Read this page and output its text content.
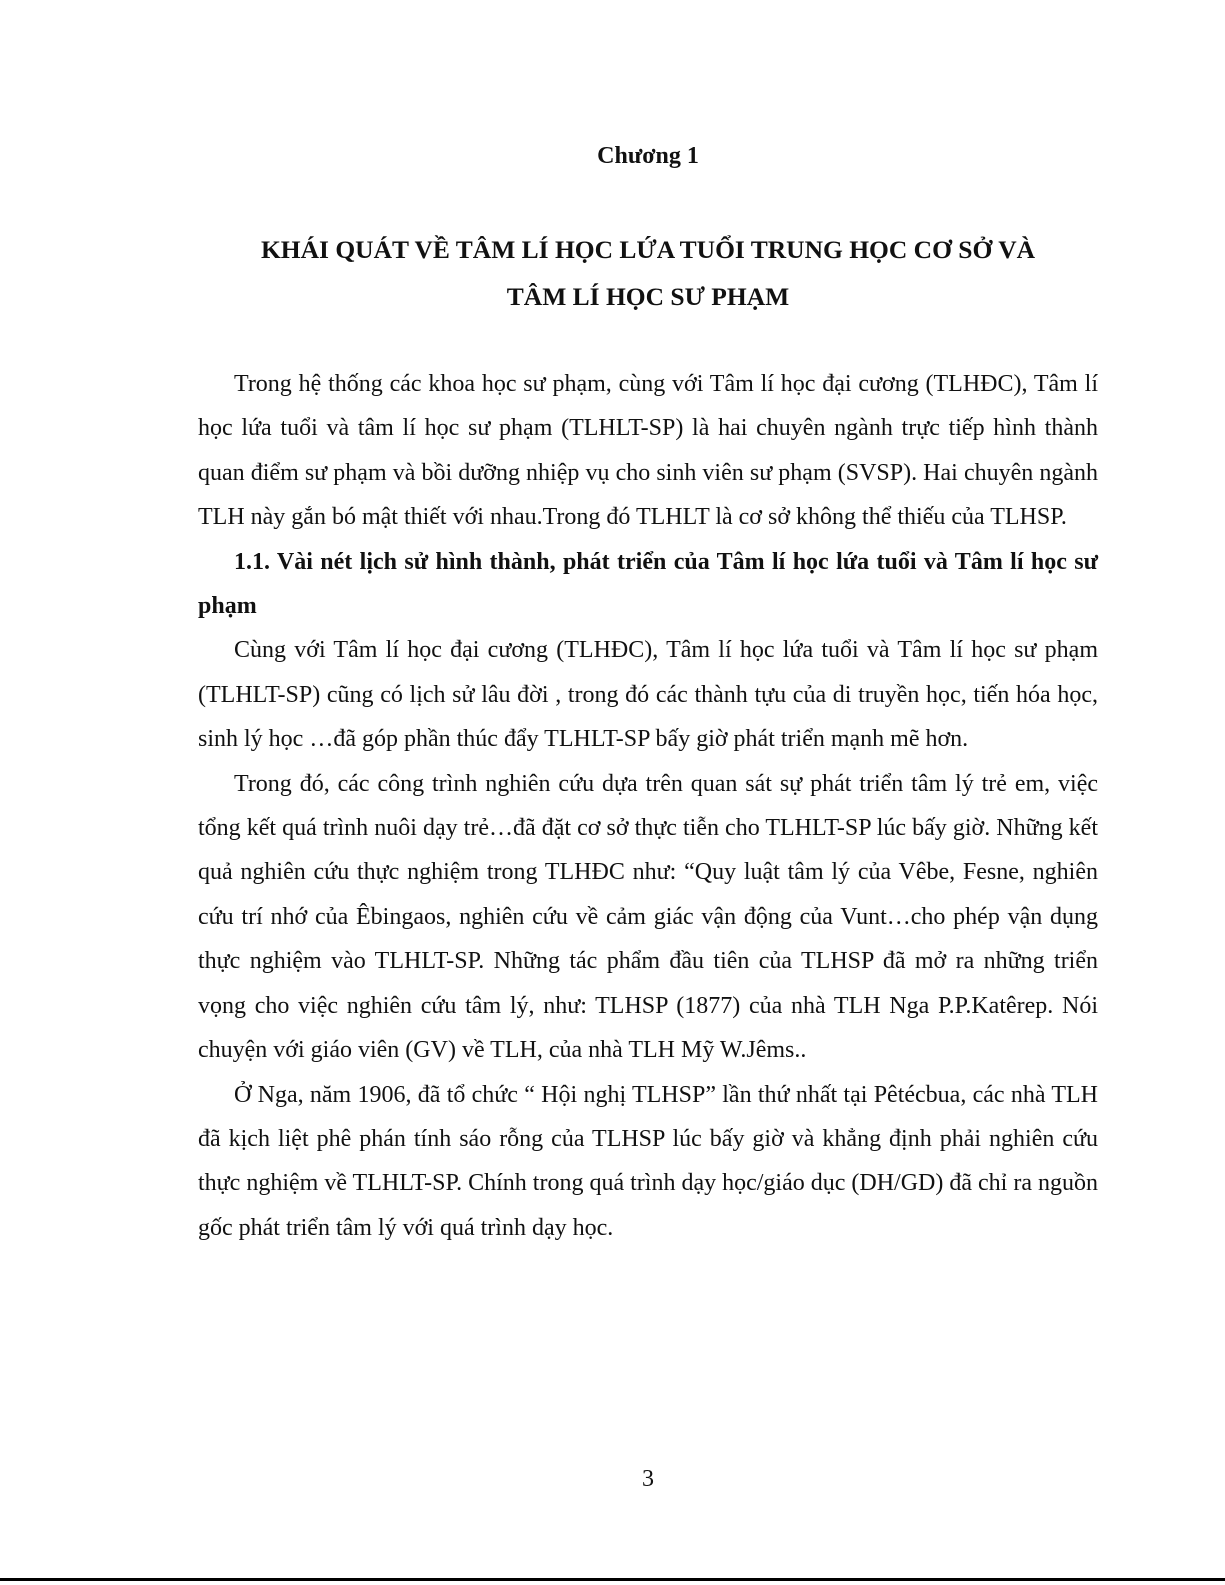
Chương 1
KHÁI QUÁT VỀ TÂM LÍ HỌC LỨA TUỔI TRUNG HỌC CƠ SỞ VÀ
TÂM LÍ HỌC SƯ PHẠM

Trong hệ thống các khoa học sư phạm, cùng với Tâm lí học đại cương (TLHĐC), Tâm lí học lứa tuổi và tâm lí học sư phạm (TLHLT-SP) là hai chuyên ngành trực tiếp hình thành quan điểm sư phạm và bồi dưỡng nhiệp vụ cho sinh viên sư phạm (SVSP). Hai chuyên ngành TLH này gắn bó mật thiết với nhau.Trong đó TLHLT là cơ sở không thể thiếu của TLHSP.

1.1. Vài nét lịch sử hình thành, phát triển của Tâm lí học lứa tuổi và Tâm lí học sư phạm

Cùng với Tâm lí học đại cương (TLHĐC), Tâm lí học lứa tuổi và Tâm lí học sư phạm (TLHLT-SP) cũng có lịch sử lâu đời , trong đó các thành tựu của di truyền học, tiến hóa học, sinh lý học …đã góp phần thúc đẩy TLHLT-SP bấy giờ phát triển mạnh mẽ hơn.

Trong đó, các công trình nghiên cứu dựa trên quan sát sự phát triển tâm lý trẻ em, việc tổng kết quá trình nuôi dạy trẻ…đã đặt cơ sở thực tiễn cho TLHLT-SP lúc bấy giờ. Những kết quả nghiên cứu thực nghiệm trong TLHĐC như: “Quy luật tâm lý của Vêbe, Fesne, nghiên cứu trí nhớ của Êbingaos, nghiên cứu về cảm giác vận động của Vunt…cho phép vận dụng thực nghiệm vào TLHLT-SP. Những tác phẩm đầu tiên của TLHSP đã mở ra những triển vọng cho việc nghiên cứu tâm lý, như: TLHSP (1877) của nhà TLH Nga P.P.Katêrep. Nói chuyện với giáo viên (GV) về TLH, của nhà TLH Mỹ W.Jêms..

Ở Nga, năm 1906, đã tổ chức “ Hội nghị TLHSP” lần thứ nhất tại Pêtécbua, các nhà TLH đã kịch liệt phê phán tính sáo rỗng của TLHSP lúc bấy giờ và khẳng định phải nghiên cứu thực nghiệm về TLHLT-SP. Chính trong quá trình dạy học/giáo dục (DH/GD) đã chỉ ra nguồn gốc phát triển tâm lý với quá trình dạy học.

3
